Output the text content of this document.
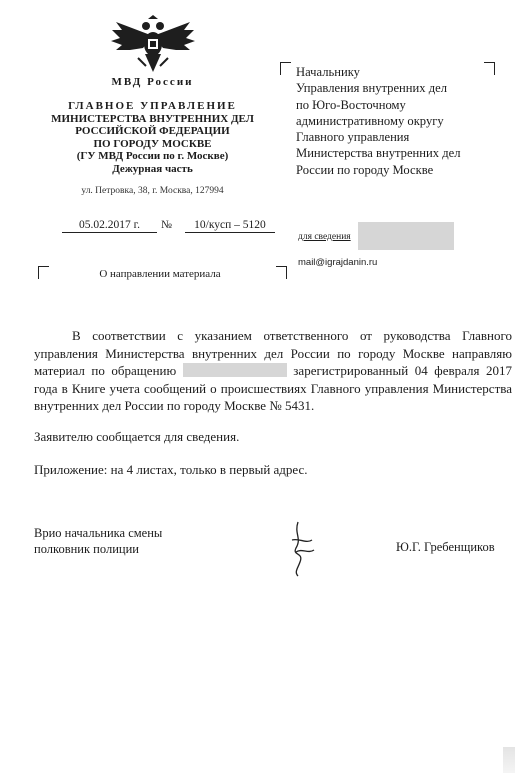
МВД России
ГЛАВНОЕ УПРАВЛЕНИЕ
МИНИСТЕРСТВА ВНУТРЕННИХ ДЕЛ
РОССИЙСКОЙ ФЕДЕРАЦИИ
ПО ГОРОДУ МОСКВЕ
(ГУ МВД России по г. Москве)
Дежурная часть
ул. Петровка, 38, г. Москва, 127994
05.02.2017 г.	№	10/кусп – 5120
О направлении материала
Начальнику
Управления внутренних дел
по Юго-Восточному
административному округу
Главного управления
Министерства внутренних дел
России по городу Москве
для сведения
mail@igrajdanin.ru
В соответствии с указанием ответственного от руководства Главного управления Министерства внутренних дел России по городу Москве направляю материал по обращению	зарегистрированный 04 февраля 2017 года в Книге учета сообщений о происшествиях Главного управления Министерства внутренних дел России по городу Москве № 5431.
Заявителю сообщается для сведения.
Приложение: на 4 листах, только в первый адрес.
Врио начальника смены
полковник полиции	Ю.Г. Гребенщиков
